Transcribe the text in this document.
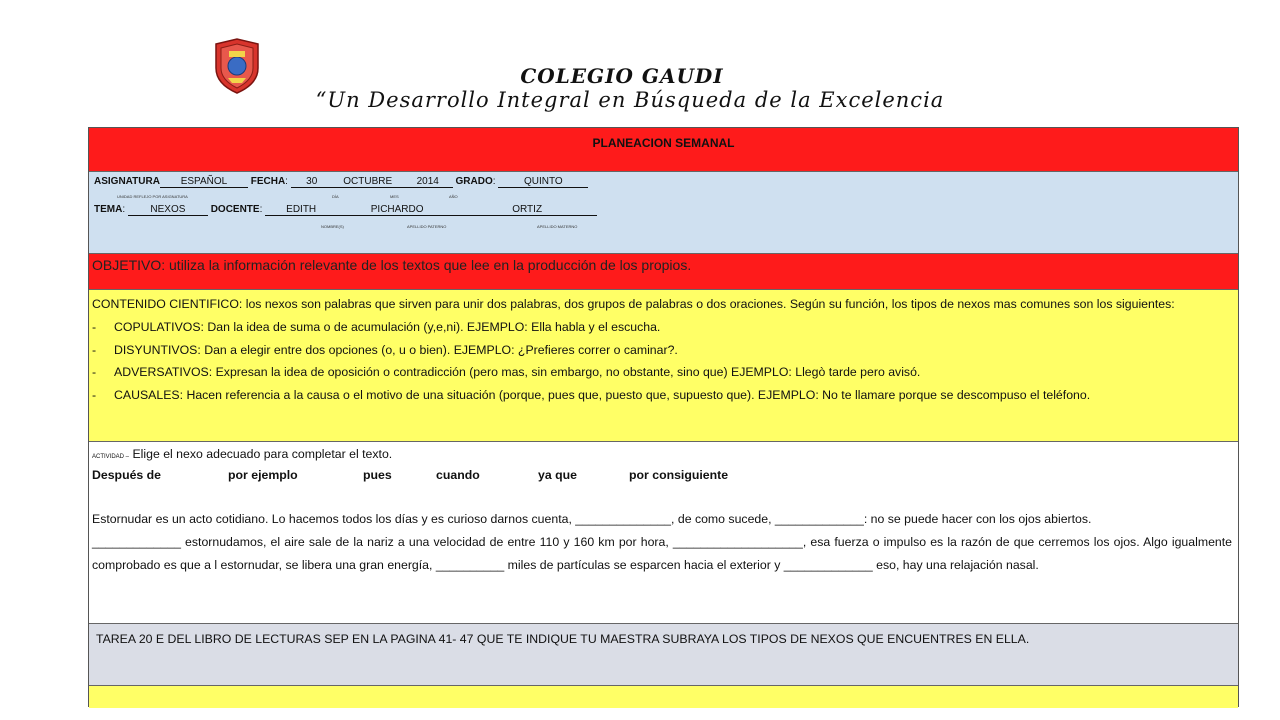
COLEGIO GAUDI
“Un Desarrollo Integral en Búsqueda de la Excelencia
PLANEACION SEMANAL
ASIGNATURA ESPAÑOL FECHA: 30	OCTUBRE 2014 GRADO:	QUINTO
UNIDAD REFLEJO POR ASIGNATURA	DÍA	MES	AÑO
TEMA: NEXOS	DOCENTE: EDITH	PICHARDO	ORTIZ
NOMBRE(S)	APELLIDO PATERNO	APELLIDO MATERNO
OBJETIVO: utiliza la información relevante de los textos que lee en la producción de los propios.

CONTENIDO CIENTIFICO: los nexos son palabras que sirven para unir dos palabras, dos grupos de palabras o dos oraciones. Según su función, los tipos de nexos mas comunes son los siguientes:

- COPULATIVOS: Dan la idea de suma o de acumulación (y,e,ni). EJEMPLO: Ella habla y el escucha.
- DISYUNTIVOS: Dan a elegir entre dos opciones (o, u o bien). EJEMPLO: ¿Prefieres correr o caminar?.
- ADVERSATIVOS: Expresan la idea de oposición o contradicción (pero mas, sin embargo, no obstante, sino que) EJEMPLO: Llegò tarde pero avisó.
- CAUSALES: Hacen referencia a la causa o el motivo de una situación (porque, pues que, puesto que, supuesto que). EJEMPLO: No te llamare porque se descompuso el teléfono.
ACTIVIDAD – Elige el nexo adecuado para completar el texto.
Después de	por ejemplo	pues	cuando	ya que	por consiguiente

Estornudar es un acto cotidiano. Lo hacemos todos los días y es curioso darnos cuenta, ______________, de como sucede, _____________: no se puede hacer con los ojos abiertos.

_____________ estornudamos, el aire sale de la nariz a una velocidad de entre 110 y 160 km por hora, ___________________, esa fuerza o impulso es la razón de que cerremos los ojos. Algo igualmente comprobado es que a l estornudar, se libera una gran energía, __________ miles de partículas se esparcen hacia el exterior y _____________ eso, hay una relajación nasal.

TAREA 20 E DEL LIBRO DE LECTURAS SEP EN LA PAGINA 41- 47 QUE TE INDIQUE TU MAESTRA SUBRAYA LOS TIPOS DE NEXOS QUE ENCUENTRES EN ELLA.
